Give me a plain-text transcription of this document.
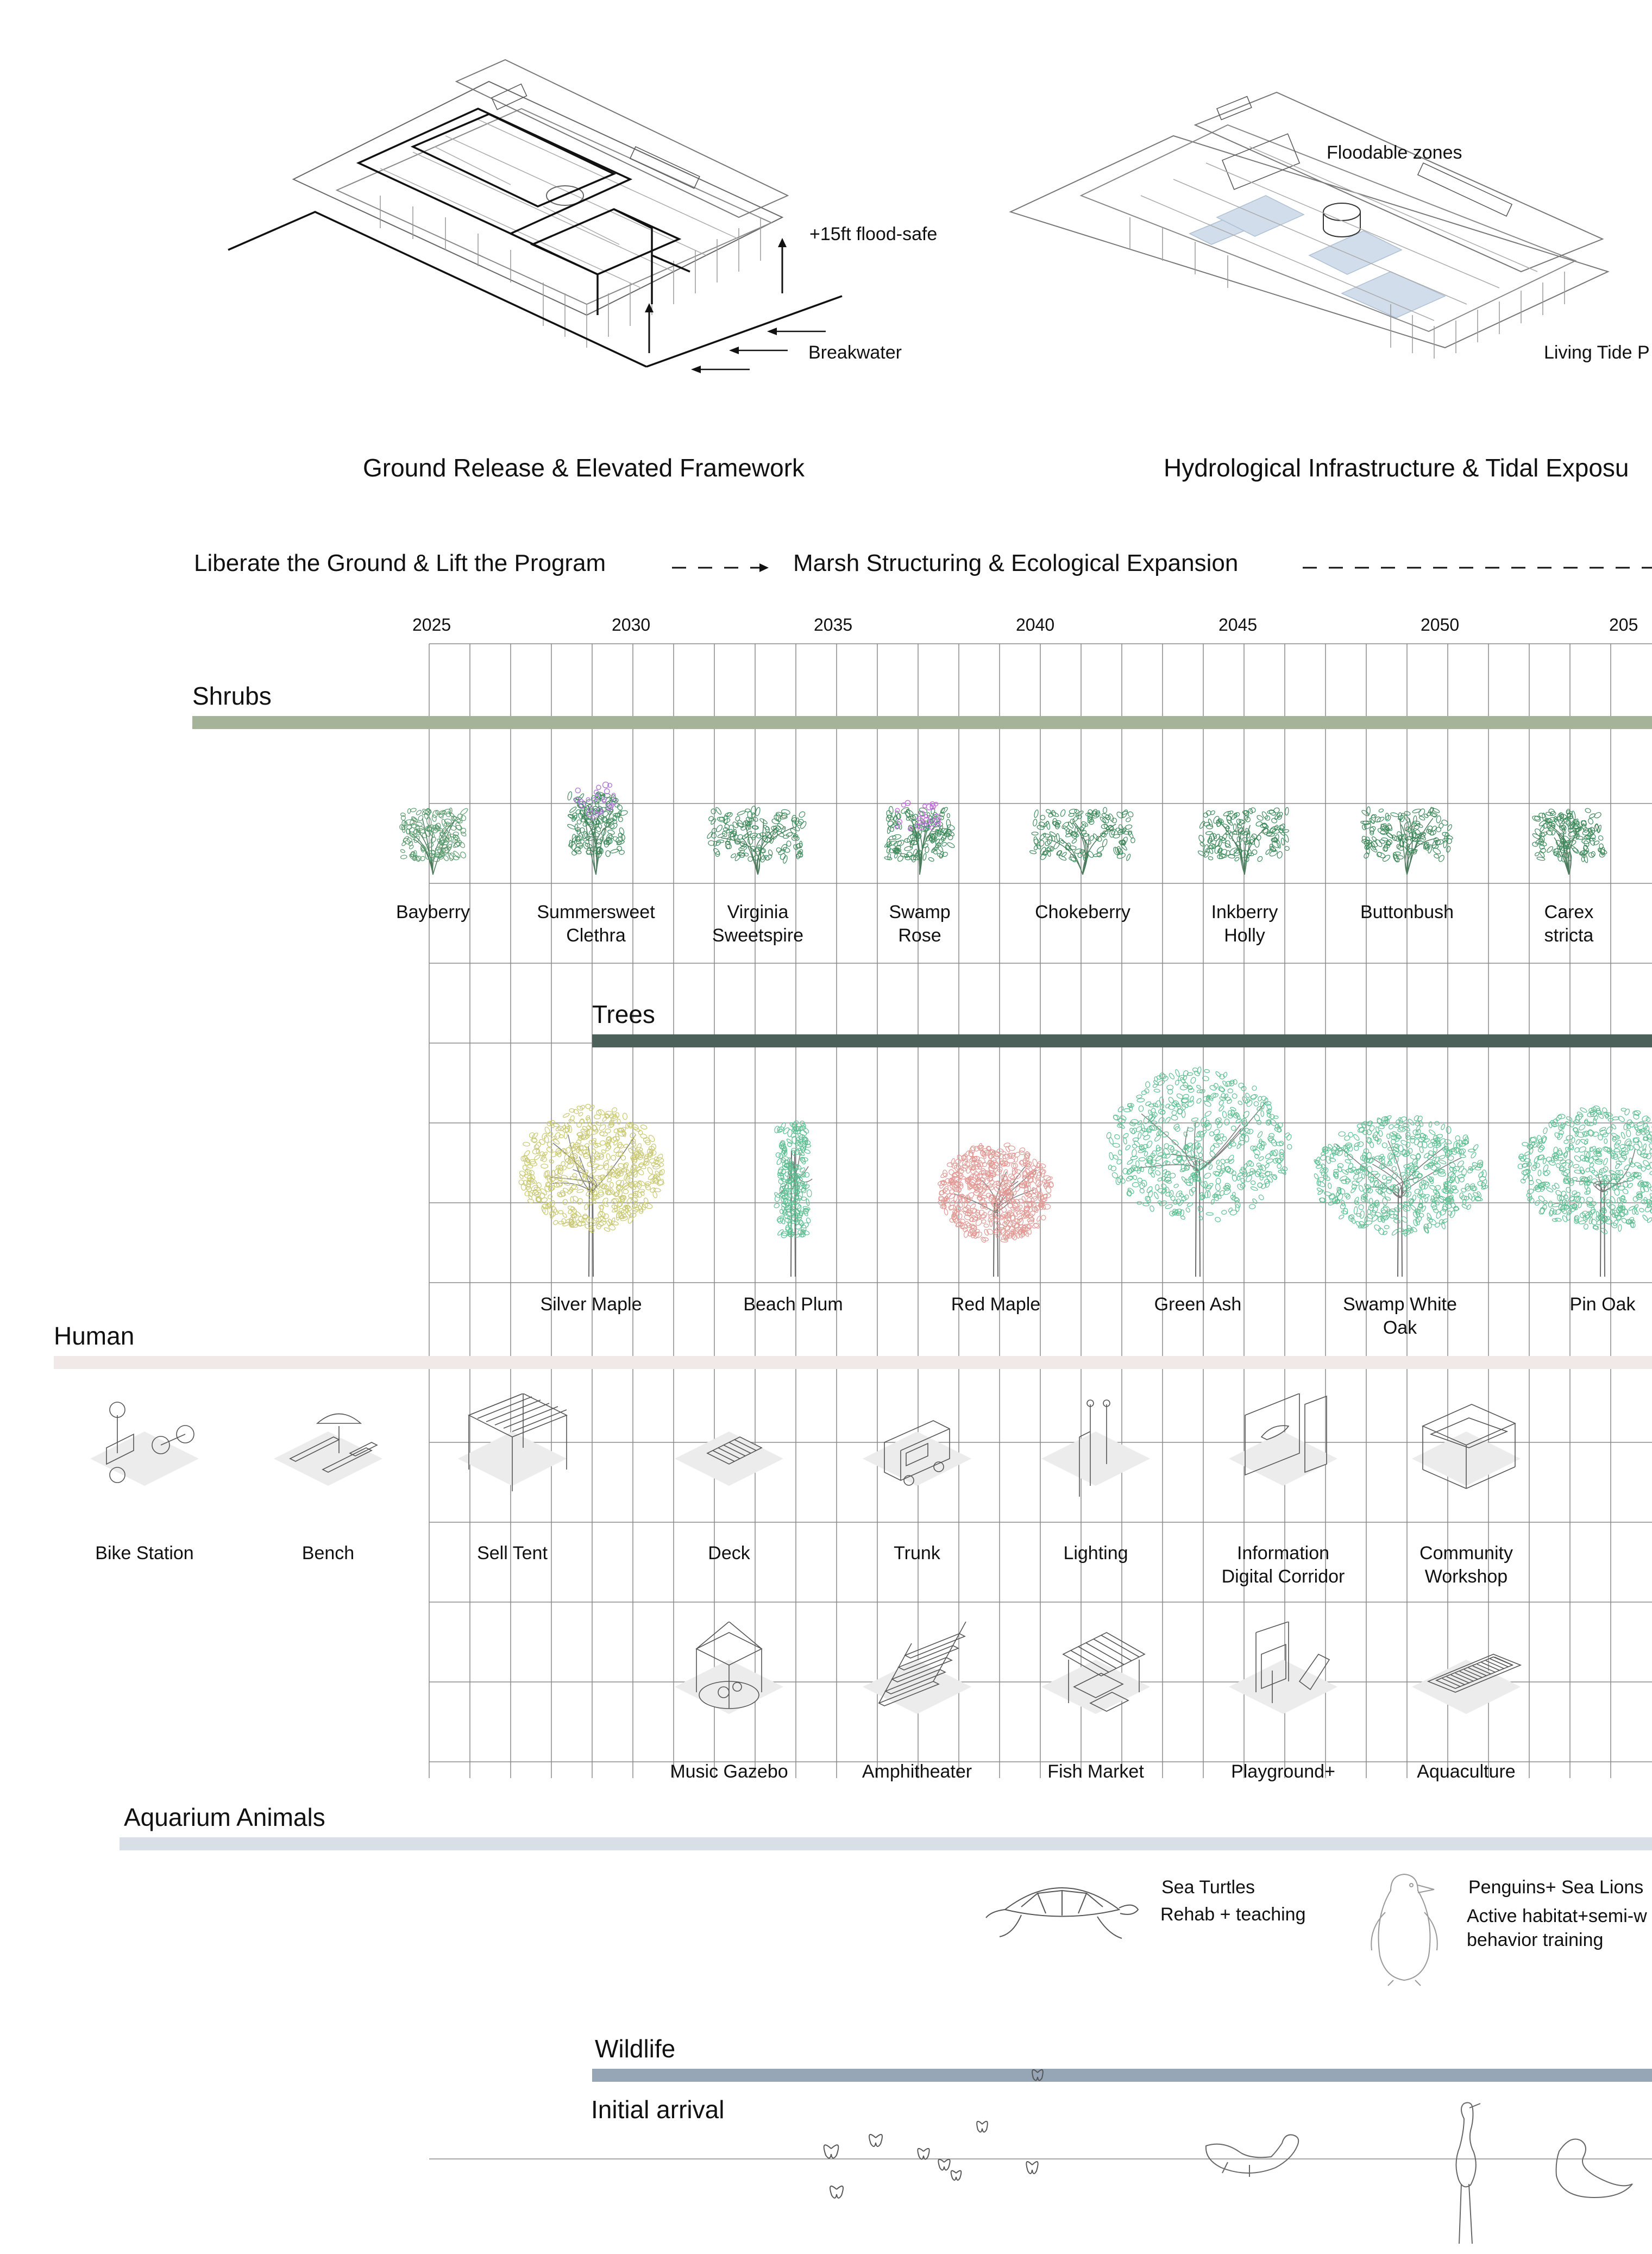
+15ft flood-safe
Breakwater
Floodable zones
Living Tide P
Ground Release & Elevated Framework	Hydrological Infrastructure & Tidal Exposu
Liberate the Ground & Lift the Program	Marsh Structuring & Ecological Expansion
2025	2030	2035	2040	2045	2050	205
Shrubs
Bayberry	Summersweet
Clethra
Virginia
Sweetspire
Swamp
Rose
Chokeberry	Inkberry
Holly
Buttonbush	Carex
stricta
Trees
Silver Maple	Beach Plum	Red Maple	Green Ash	Swamp White
Oak
Pin Oak
Human
Bike Station	Bench	Sell Tent	Deck	Trunk	Lighting	Information
Digital Corridor
Community
Workshop
Music Gazebo	Amphitheater	Fish Market	Playground+	Aquaculture
Aquarium Animals
Sea Turtles
Rehab + teaching
Penguins+ Sea Lions
Active habitat+semi-w
behavior training
Wildlife
Initial arrival
